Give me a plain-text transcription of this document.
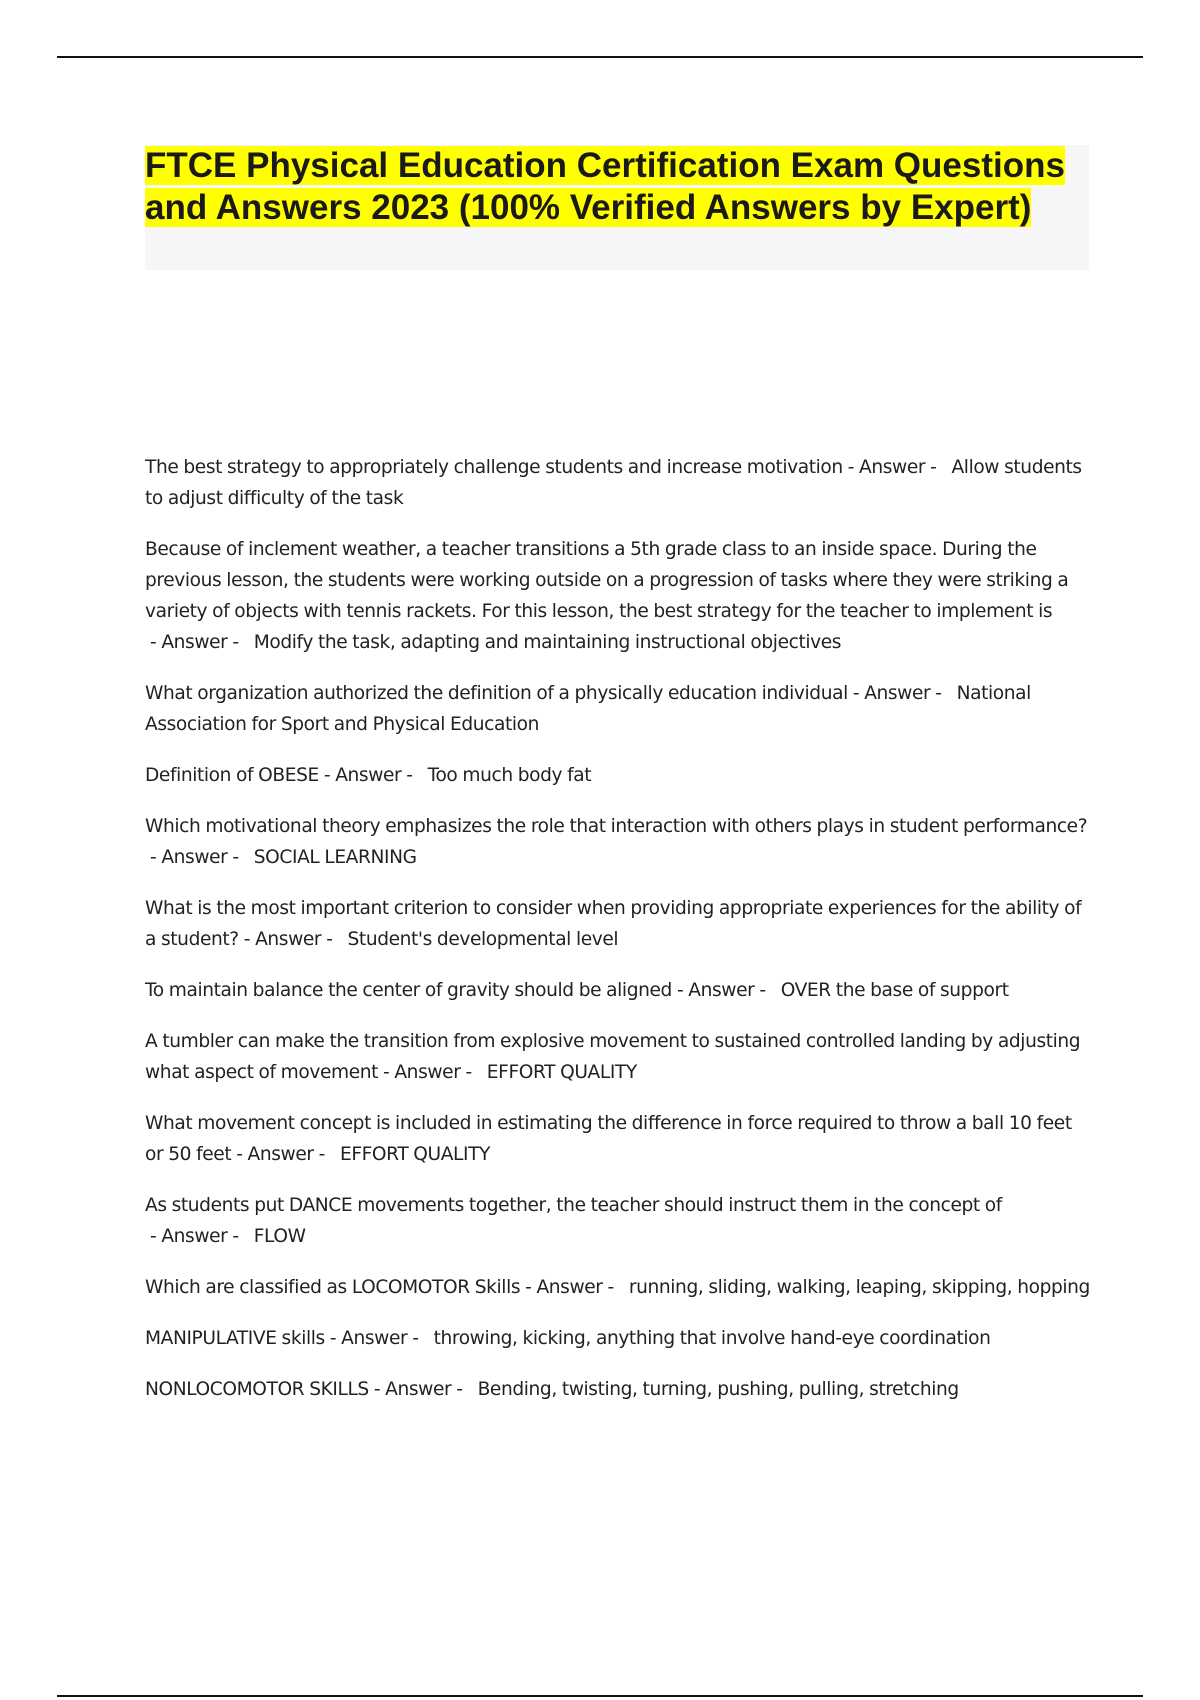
FTCE Physical Education Certification Exam Questions and Answers 2023 (100% Verified Answers by Expert)
The best strategy to appropriately challenge students and increase motivation - Answer -   Allow students to adjust difficulty of the task
Because of inclement weather, a teacher transitions a 5th grade class to an inside space. During the previous lesson, the students were working outside on a progression of tasks where they were striking a variety of objects with tennis rackets. For this lesson, the best strategy for the teacher to implement is - Answer -   Modify the task, adapting and maintaining instructional objectives
What organization authorized the definition of a physically education individual - Answer -   National Association for Sport and Physical Education
Definition of OBESE - Answer -   Too much body fat
Which motivational theory emphasizes the role that interaction with others plays in student performance? - Answer -   SOCIAL LEARNING
What is the most important criterion to consider when providing appropriate experiences for the ability of a student? - Answer -   Student's developmental level
To maintain balance the center of gravity should be aligned - Answer -   OVER the base of support
A tumbler can make the transition from explosive movement to sustained controlled landing by adjusting what aspect of movement - Answer -   EFFORT QUALITY
What movement concept is included in estimating the difference in force required to throw a ball 10 feet or 50 feet - Answer -   EFFORT QUALITY
As students put DANCE movements together, the teacher should instruct them in the concept of - Answer -   FLOW
Which are classified as LOCOMOTOR Skills - Answer -   running, sliding, walking, leaping, skipping, hopping
MANIPULATIVE skills - Answer -   throwing, kicking, anything that involve hand-eye coordination
NONLOCOMOTOR SKILLS - Answer -   Bending, twisting, turning, pushing, pulling, stretching
